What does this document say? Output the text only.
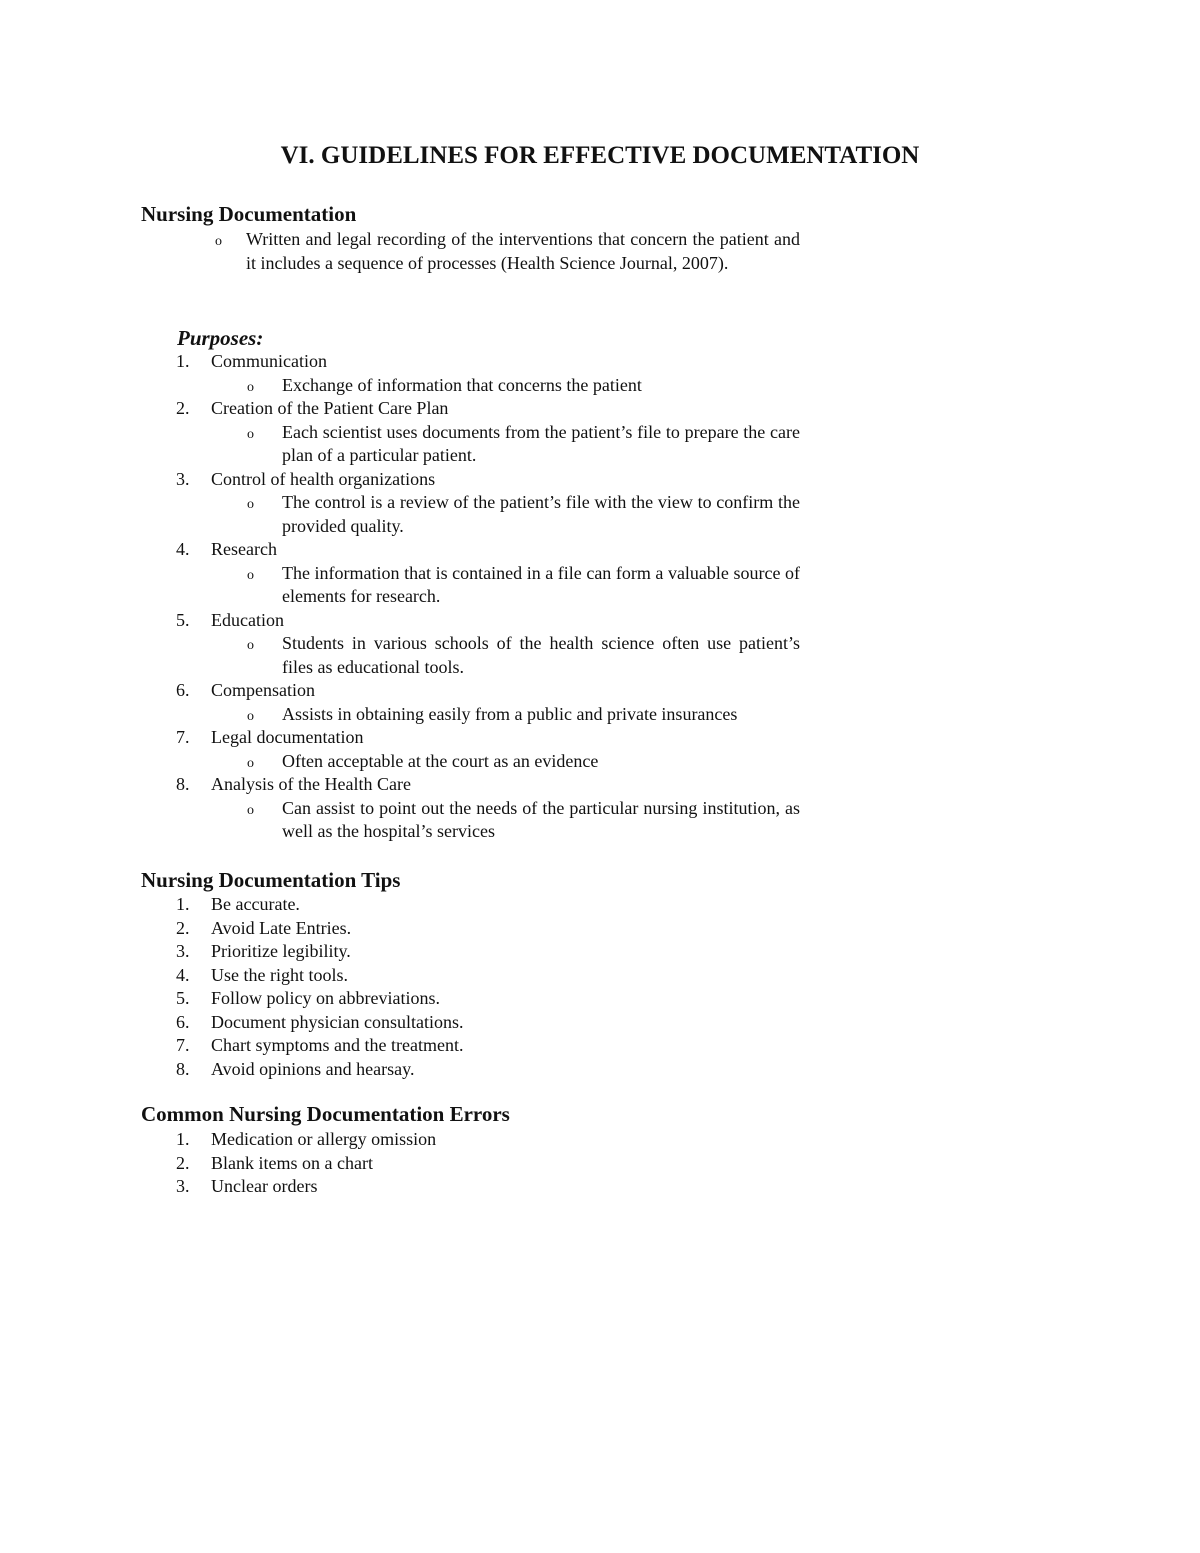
VI. GUIDELINES FOR EFFECTIVE DOCUMENTATION
Nursing Documentation
o Written and legal recording of the interventions that concern the patient and it includes a sequence of processes (Health Science Journal, 2007).
Purposes:
1. Communication
o Exchange of information that concerns the patient
2. Creation of the Patient Care Plan
o Each scientist uses documents from the patient’s file to prepare the care plan of a particular patient.
3. Control of health organizations
o The control is a review of the patient’s file with the view to confirm the provided quality.
4. Research
o The information that is contained in a file can form a valuable source of elements for research.
5. Education
o Students in various schools of the health science often use patient’s files as educational tools.
6. Compensation
o Assists in obtaining easily from a public and private insurances
7. Legal documentation
o Often acceptable at the court as an evidence
8. Analysis of the Health Care
o Can assist to point out the needs of the particular nursing institution, as well as the hospital’s services
Nursing Documentation Tips
1. Be accurate.
2. Avoid Late Entries.
3. Prioritize legibility.
4. Use the right tools.
5. Follow policy on abbreviations.
6. Document physician consultations.
7. Chart symptoms and the treatment.
8. Avoid opinions and hearsay.
Common Nursing Documentation Errors
1. Medication or allergy omission
2. Blank items on a chart
3. Unclear orders
